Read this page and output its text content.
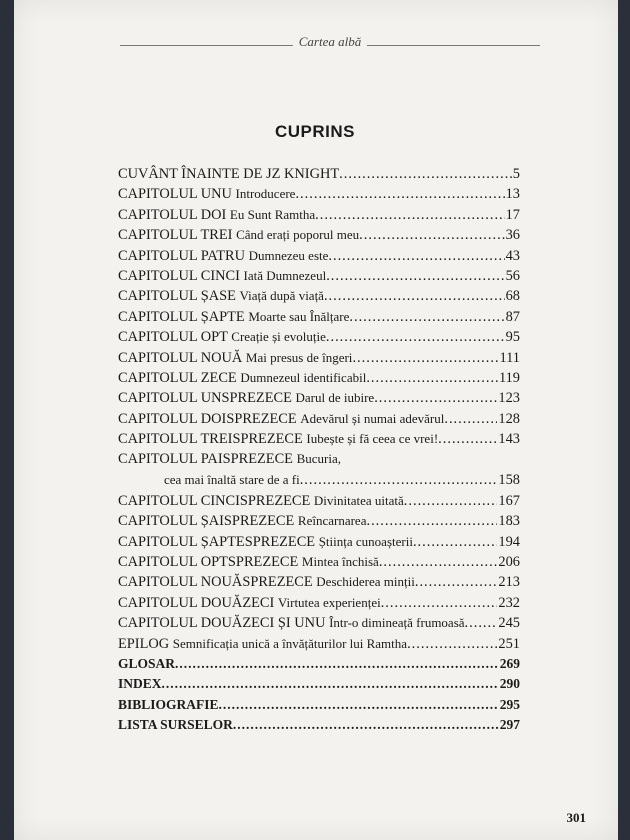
Cartea albă
CUPRINS
CUVÂNT ÎNAINTE DE JZ KNIGHT .....	5
CAPITOLUL UNU Introducere .....	13
CAPITOLUL DOI Eu Sunt Ramtha .....	17
CAPITOLUL TREI Când erați poporul meu .....	36
CAPITOLUL PATRU Dumnezeu este .....	43
CAPITOLUL CINCI Iată Dumnezeul .....	56
CAPITOLUL ȘASE Viață după viață .....	68
CAPITOLUL ȘAPTE Moarte sau Înălțare .....	87
CAPITOLUL OPT Creație și evoluție .....	95
CAPITOLUL NOUĂ Mai presus de îngeri .....	111
CAPITOLUL ZECE Dumnezeul identificabil .....	119
CAPITOLUL UNSPREZECE Darul de iubire .....	123
CAPITOLUL DOISPREZECE Adevărul și numai adevărul .....	128
CAPITOLUL TREISPREZECE Iubește și fă ceea ce vrei! .....	143
CAPITOLUL PAISPREZECE Bucuria,
cea mai înaltă stare de a fi .....	158
CAPITOLUL CINCISPREZECE Divinitatea uitată .....	167
CAPITOLUL ȘAISPREZECE Reîncarnarea .....	183
CAPITOLUL ȘAPTESPREZECE Știința cunoașterii .....	194
CAPITOLUL OPTSPREZECE Mintea închisă .....	206
CAPITOLUL NOUĂSPREZECE Deschiderea minții .....	213
CAPITOLUL DOUĂZECI Virtutea experienței .....	232
CAPITOLUL DOUĂZECI ȘI UNU Într-o dimineață frumoasă ..... 245
EPILOG Semnificația unică a învățăturilor lui Ramtha .....	251
GLOSAR .....	269
INDEX .....	290
BIBLIOGRAFIE .....	295
LISTA SURSELOR .....	297
301
